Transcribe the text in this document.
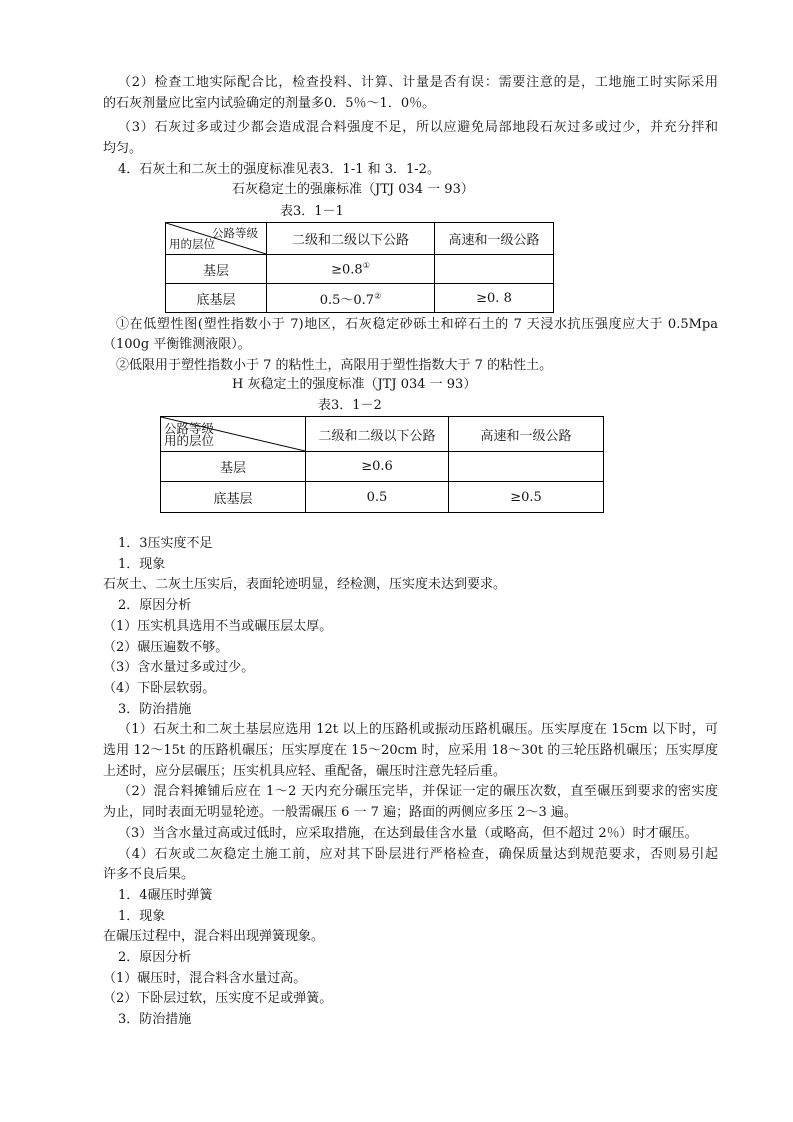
（2）检查工地实际配合比，检查投料、计算、计量是否有误：需要注意的是，工地施工时实际采用
的石灰剂量应比室内试验确定的剂量多0．5％～1．0％。
（3）石灰过多或过少都会造成混合料强度不足，所以应避免局部地段石灰过多或过少，并充分拌和
均匀。
4．石灰土和二灰土的强度标准见表3．1-1 和 3．1-2。
石灰稳定土的强廉标准（JTJ 034 一 93）
表3．1－1
公路等级
用的层位	二级和二级以下公路	高速和一级公路
基层	≥0.8①	
底基层	0.5～0.7②	≥0. 8
①在低塑性图(塑性指数小于 7)地区，石灰稳定砂砾土和碎石土的 7 天浸水抗压强度应大于 0.5Mpa
（100g 平衡锥测液限）。
②低限用于塑性指数小于 7 的粘性土，高限用于塑性指数大于 7 的粘性土。
H 灰稳定土的强度标准（JTJ 034 一 93）
表3．1－2
公路等级
用的层位	二级和二级以下公路	高速和一级公路
基层	≥0.6	
底基层	0.5	≥0.5
1．3压实度不足
1．现象
石灰土、二灰土压实后，表面轮迹明显，经检测，压实度未达到要求。
2．原因分析
（1）压实机具选用不当或碾压层太厚。
（2）碾压遍数不够。
（3）含水量过多或过少。
（4）下卧层软弱。
3．防治措施
（1）石灰土和二灰土基层应选用 12t 以上的压路机或振动压路机碾压。压实厚度在 15cm 以下时，可
选用 12～15t 的压路机碾压；压实厚度在 15～20cm 时，应采用 18～30t 的三轮压路机碾压；压实厚度
上述时，应分层碾压；压实机具应轻、重配备，碾压时注意先轻后重。
（2）混合料摊铺后应在 1～2 天内充分碾压完毕，并保证一定的碾压次数，直至碾压到要求的密实度
为止，同时表面无明显轮迹。一般需碾压 6 一 7 遍；路面的两侧应多压 2～3 遍。
（3）当含水量过高或过低时，应采取措施，在达到最佳含水量（或略高，但不超过 2％）时才碾压。
（4）石灰或二灰稳定土施工前，应对其下卧层进行严格检查，确保质量达到规范要求，否则易引起
许多不良后果。
1．4碾压时弹簧
1．现象
在碾压过程中，混合料出现弹簧现象。
2．原因分析
（1）碾压时，混合料含水量过高。
（2）下卧层过软，压实度不足或弹簧。
3．防治措施
